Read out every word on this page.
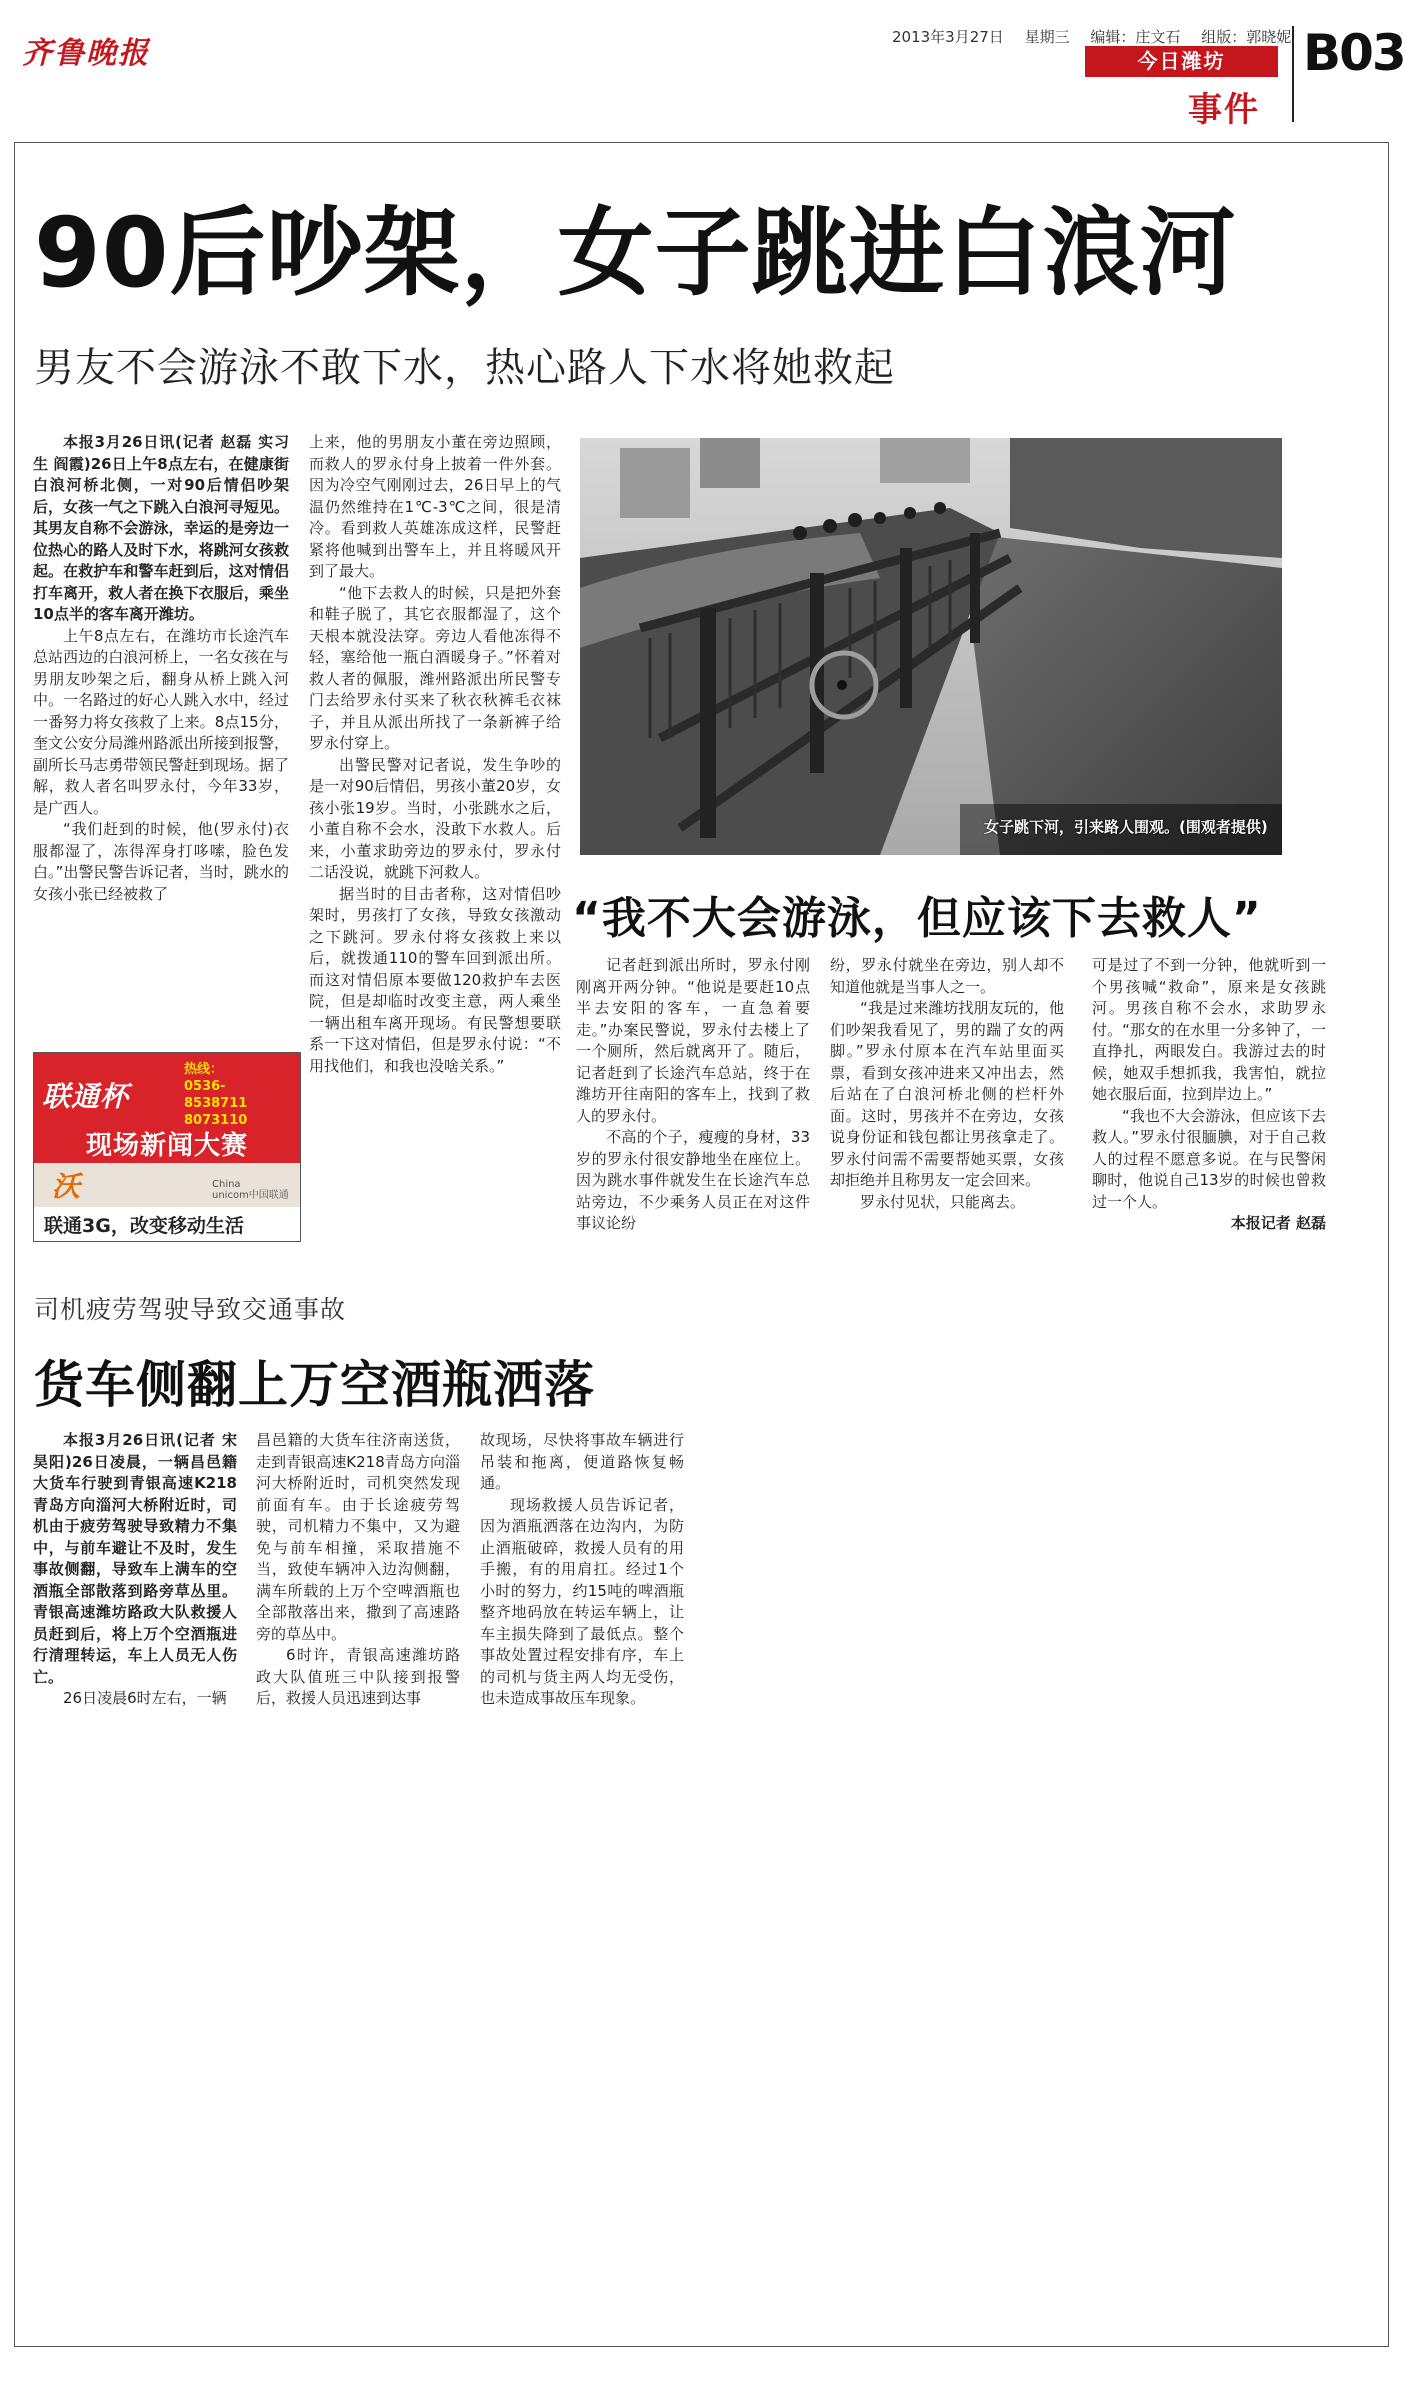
齐鲁晚报	2013年3月27日 星期三 编辑：庄文石 组版：郭晓妮
今日潍坊
事件
B03
90后吵架，女子跳进白浪河
男友不会游泳不敢下水，热心路人下水将她救起

本报3月26日讯(记者 赵磊 实习生 阎霞)26日上午8点左右，在健康街白浪河桥北侧，一对90后情侣吵架后，女孩一气之下跳入白浪河寻短见。其男友自称不会游泳，幸运的是旁边一位热心的路人及时下水，将跳河女孩救起。在救护车和警车赶到后，这对情侣打车离开，救人者在换下衣服后，乘坐10点半的客车离开潍坊。

上午8点左右，在潍坊市长途汽车总站西边的白浪河桥上，一名女孩在与男朋友吵架之后，翻身从桥上跳入河中。一名路过的好心人跳入水中，经过一番努力将女孩救了上来。8点15分，奎文公安分局潍州路派出所接到报警，副所长马志勇带领民警赶到现场。据了解，救人者名叫罗永付，今年33岁，是广西人。

“我们赶到的时候，他(罗永付)衣服都湿了，冻得浑身打哆嗦，脸色发白。”出警民警告诉记者，当时，跳水的女孩小张已经被救了

上来，他的男朋友小董在旁边照顾，而救人的罗永付身上披着一件外套。因为冷空气刚刚过去，26日早上的气温仍然维持在1℃-3℃之间，很是清冷。看到救人英雄冻成这样，民警赶紧将他喊到出警车上，并且将暖风开到了最大。

“他下去救人的时候，只是把外套和鞋子脱了，其它衣服都湿了，这个天根本就没法穿。旁边人看他冻得不轻，塞给他一瓶白酒暖身子。”怀着对救人者的佩服，潍州路派出所民警专门去给罗永付买来了秋衣秋裤毛衣袜子，并且从派出所找了一条新裤子给罗永付穿上。

出警民警对记者说，发生争吵的是一对90后情侣，男孩小董20岁，女孩小张19岁。当时，小张跳水之后，小董自称不会水，没敢下水救人。后来，小董求助旁边的罗永付，罗永付二话没说，就跳下河救人。

据当时的目击者称，这对情侣吵架时，男孩打了女孩，导致女孩激动之下跳河。罗永付将女孩救上来以后，就拨通110的警车回到派出所。而这对情侣原本要做120救护车去医院，但是却临时改变主意，两人乘坐一辆出租车离开现场。有民警想要联系一下这对情侣，但是罗永付说：“不用找他们，和我也没啥关系。”

女子跳下河，引来路人围观。(围观者提供)
“我不大会游泳，但应该下去救人”

记者赶到派出所时，罗永付刚刚离开两分钟。“他说是要赶10点半去安阳的客车，一直急着要走。”办案民警说，罗永付去楼上了一个厕所，然后就离开了。随后，记者赶到了长途汽车总站，终于在潍坊开往南阳的客车上，找到了救人的罗永付。

不高的个子，瘦瘦的身材，33岁的罗永付很安静地坐在座位上。因为跳水事件就发生在长途汽车总站旁边，不少乘务人员正在对这件事议论纷

纷，罗永付就坐在旁边，别人却不知道他就是当事人之一。

“我是过来潍坊找朋友玩的，他们吵架我看见了，男的踹了女的两脚。”罗永付原本在汽车站里面买票，看到女孩冲进来又冲出去，然后站在了白浪河桥北侧的栏杆外面。这时，男孩并不在旁边，女孩说身份证和钱包都让男孩拿走了。罗永付问需不需要帮她买票，女孩却拒绝并且称男友一定会回来。

罗永付见状，只能离去。

可是过了不到一分钟，他就听到一个男孩喊“救命”，原来是女孩跳河。男孩自称不会水，求助罗永付。“那女的在水里一分多钟了，一直挣扎，两眼发白。我游过去的时候，她双手想抓我，我害怕，就拉她衣服后面，拉到岸边上。”

“我也不大会游泳，但应该下去救人。”罗永付很腼腆，对于自己救人的过程不愿意多说。在与民警闲聊时，他说自己13岁的时候也曾救过一个人。

本报记者 赵磊

联通杯
热线：
0536-
8538711
8073110
现场新闻大赛
沃	China
unicom中国联通
联通3G，改变移动生活
司机疲劳驾驶导致交通事故
货车侧翻上万空酒瓶洒落

本报3月26日讯(记者 宋昊阳)26日凌晨，一辆昌邑籍大货车行驶到青银高速K218青岛方向淄河大桥附近时，司机由于疲劳驾驶导致精力不集中，与前车避让不及时，发生事故侧翻，导致车上满车的空酒瓶全部散落到路旁草丛里。青银高速潍坊路政大队救援人员赶到后，将上万个空酒瓶进行清理转运，车上人员无人伤亡。

26日凌晨6时左右，一辆

昌邑籍的大货车往济南送货，走到青银高速K218青岛方向淄河大桥附近时，司机突然发现前面有车。由于长途疲劳驾驶，司机精力不集中，又为避免与前车相撞，采取措施不当，致使车辆冲入边沟侧翻，满车所载的上万个空啤酒瓶也全部散落出来，撒到了高速路旁的草丛中。

6时许，青银高速潍坊路政大队值班三中队接到报警后，救援人员迅速到达事

故现场，尽快将事故车辆进行吊装和拖离，便道路恢复畅通。

现场救援人员告诉记者，因为酒瓶洒落在边沟内，为防止酒瓶破碎，救援人员有的用手搬，有的用肩扛。经过1个小时的努力，约15吨的啤酒瓶整齐地码放在转运车辆上，让车主损失降到了最低点。整个事故处置过程安排有序，车上的司机与货主两人均无受伤，也未造成事故压车现象。
